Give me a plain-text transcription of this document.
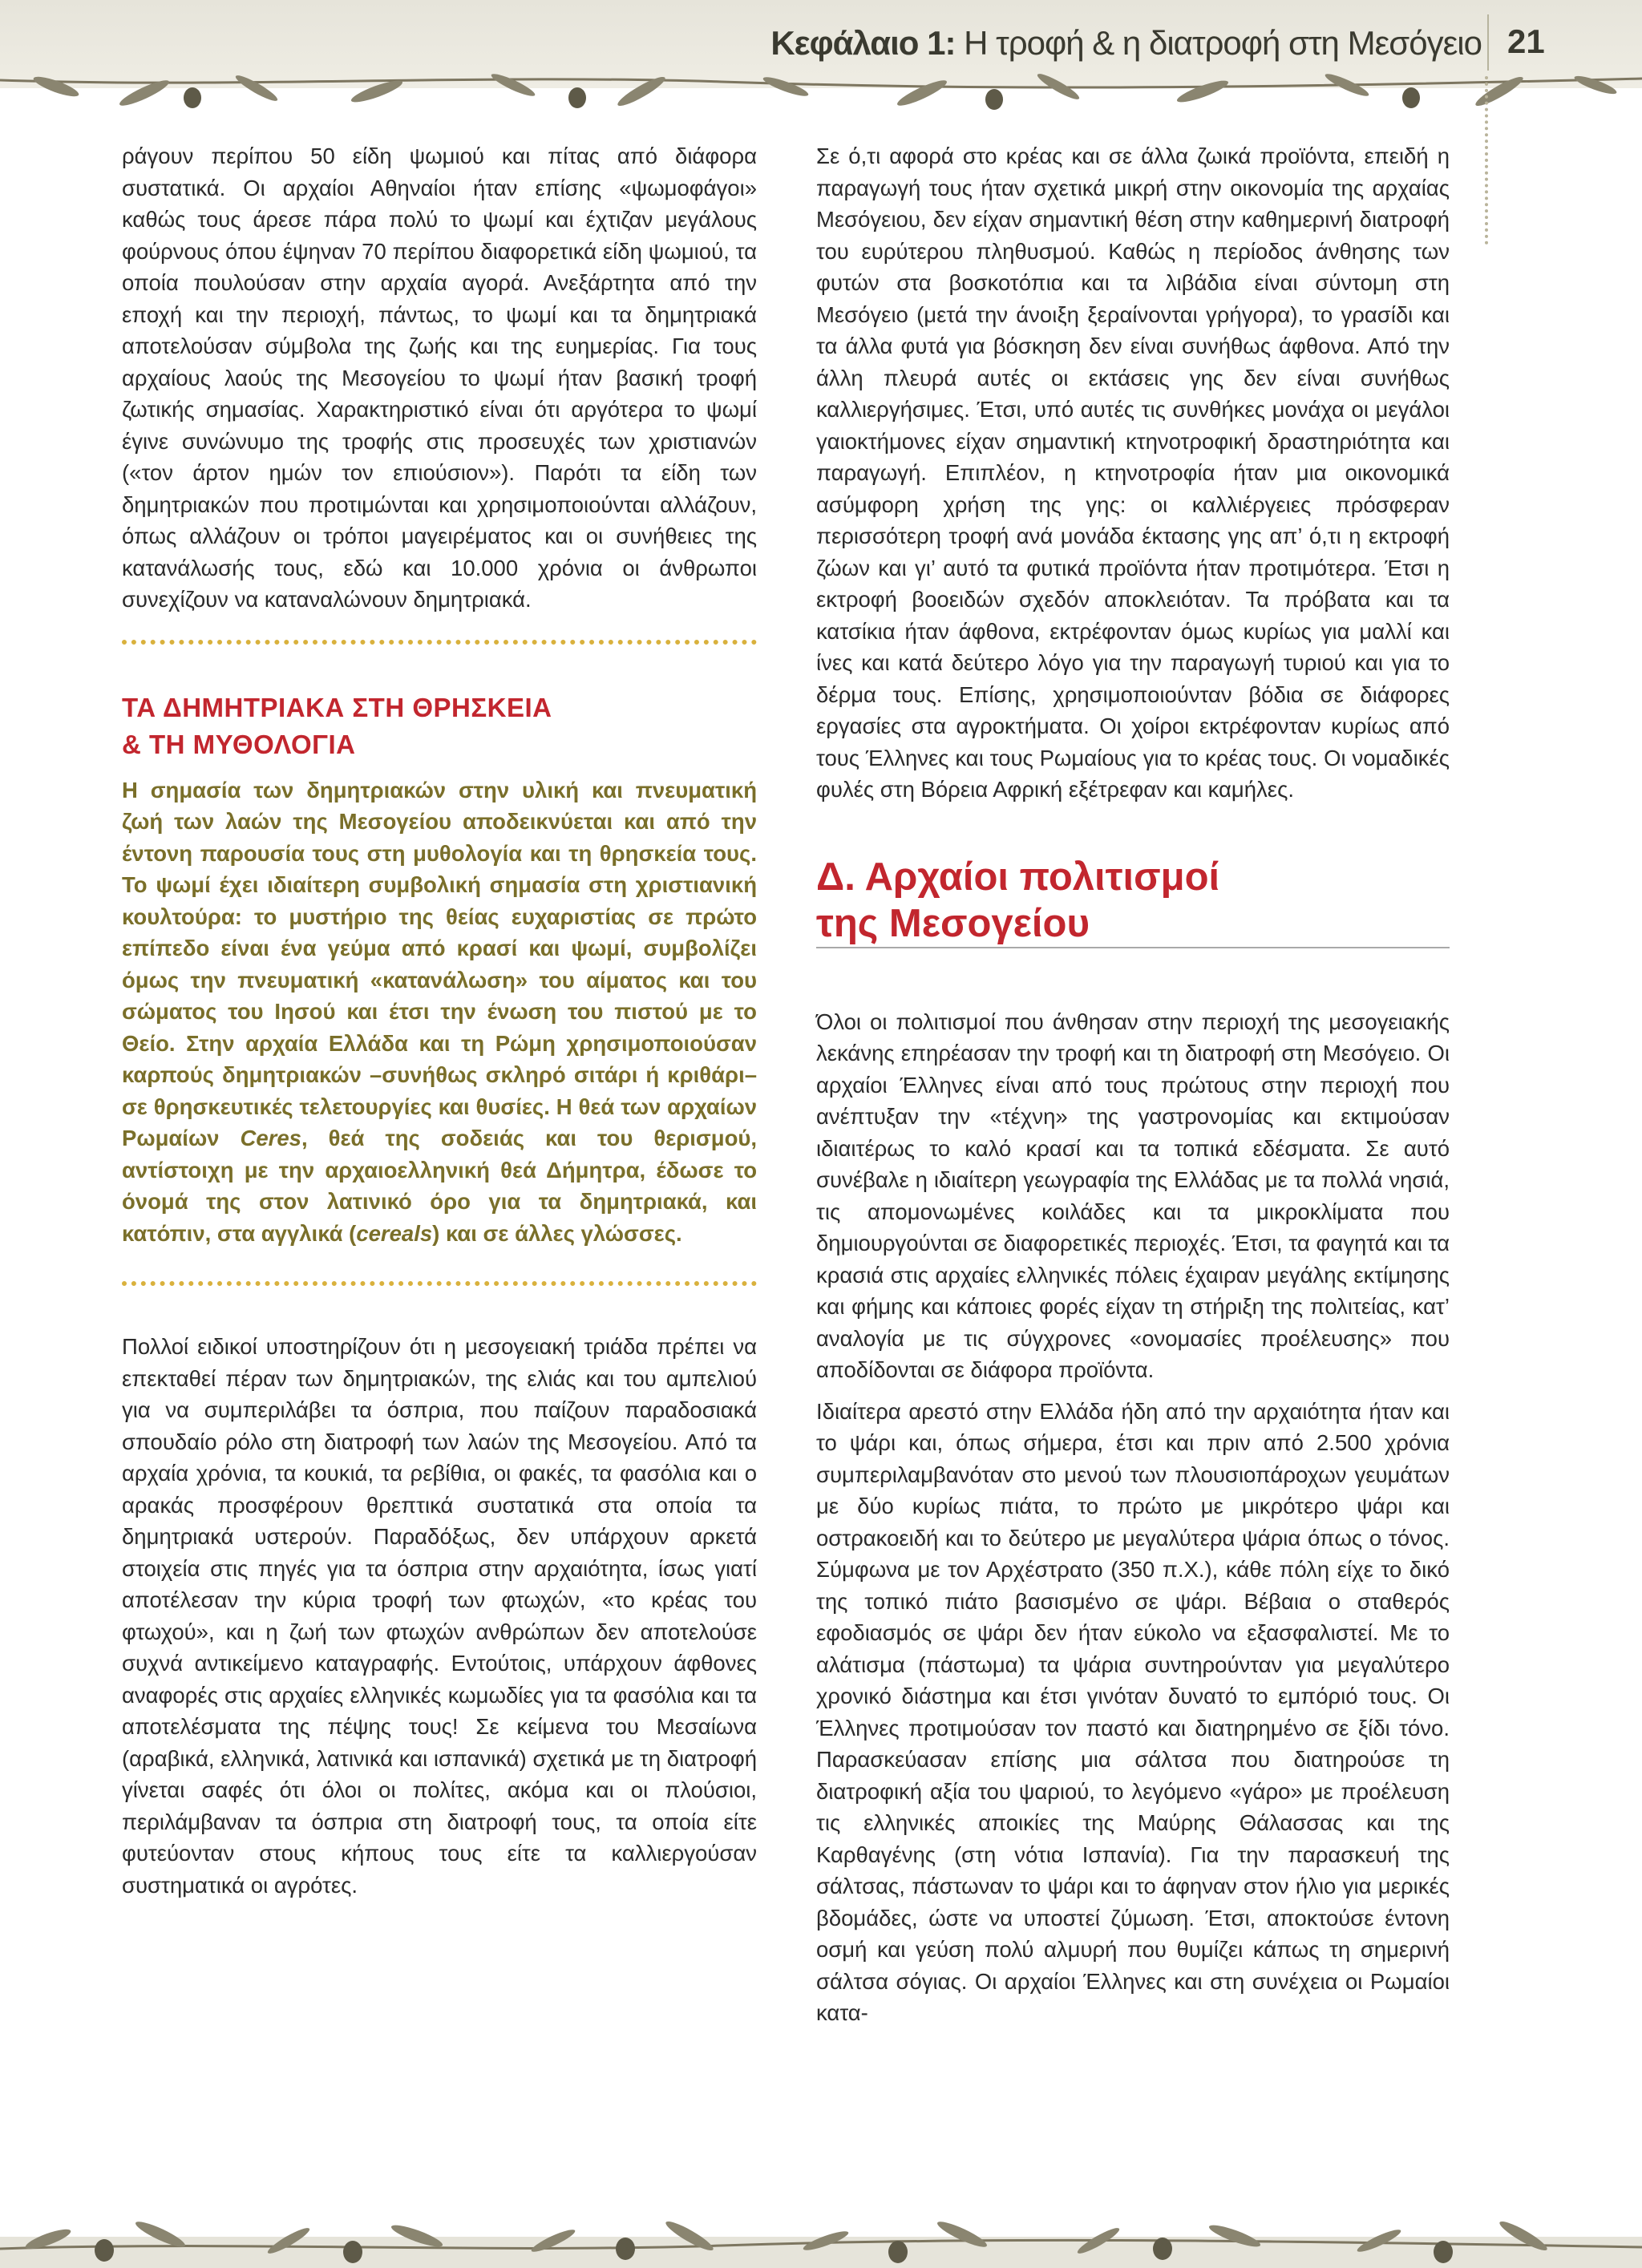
Κεφάλαιο 1: Η τροφή & η διατροφή στη Μεσόγειο 21

ράγουν περίπου 50 είδη ψωμιού και πίτας από διάφορα συστατικά. Οι αρχαίοι Αθηναίοι ήταν επίσης «ψωμοφάγοι» καθώς τους άρεσε πάρα πολύ το ψωμί και έχτιζαν μεγάλους φούρνους όπου έψηναν 70 περίπου διαφορετικά είδη ψωμιού, τα οποία πουλούσαν στην αρχαία αγορά. Ανεξάρτητα από την εποχή και την περιοχή, πάντως, το ψωμί και τα δημητριακά αποτελούσαν σύμβολα της ζωής και της ευημερίας. Για τους αρχαίους λαούς της Μεσογείου το ψωμί ήταν βασική τροφή ζωτικής σημασίας. Χαρακτηριστικό είναι ότι αργότερα το ψωμί έγινε συνώνυμο της τροφής στις προσευχές των χριστιανών («τον άρτον ημών τον επιούσιον»). Παρότι τα είδη των δημητριακών που προτιμώνται και χρησιμοποιούνται αλλάζουν, όπως αλλάζουν οι τρόποι μαγειρέματος και οι συνήθειες της κατανάλωσής τους, εδώ και 10.000 χρόνια οι άνθρωποι συνεχίζουν να καταναλώνουν δημητριακά.

ΤΑ ΔΗΜΗΤΡΙΑΚΑ ΣΤΗ ΘΡΗΣΚΕΙΑ
& ΤΗ ΜΥΘΟΛΟΓΙΑ

Η σημασία των δημητριακών στην υλική και πνευματική ζωή των λαών της Μεσογείου αποδεικνύεται και από την έντονη παρουσία τους στη μυθολογία και τη θρησκεία τους. Το ψωμί έχει ιδιαίτερη συμβολική σημασία στη χριστιανική κουλτούρα: το μυστήριο της θείας ευχαριστίας σε πρώτο επίπεδο είναι ένα γεύμα από κρασί και ψωμί, συμβολίζει όμως την πνευματική «κατανάλωση» του αίματος και του σώματος του Ιησού και έτσι την ένωση του πιστού με το Θείο. Στην αρχαία Ελλάδα και τη Ρώμη χρησιμοποιούσαν καρπούς δημητριακών –συνήθως σκληρό σιτάρι ή κριθάρι– σε θρησκευτικές τελετουργίες και θυσίες. Η θεά των αρχαίων Ρωμαίων Ceres, θεά της σοδειάς και του θερισμού, αντίστοιχη με την αρχαιοελληνική θεά Δήμητρα, έδωσε το όνομά της στον λατινικό όρο για τα δημητριακά, και κατόπιν, στα αγγλικά (cereals) και σε άλλες γλώσσες.

Πολλοί ειδικοί υποστηρίζουν ότι η μεσογειακή τριάδα πρέπει να επεκταθεί πέραν των δημητριακών, της ελιάς και του αμπελιού για να συμπεριλάβει τα όσπρια, που παίζουν παραδοσιακά σπουδαίο ρόλο στη διατροφή των λαών της Μεσογείου. Από τα αρχαία χρόνια, τα κουκιά, τα ρεβίθια, οι φακές, τα φασόλια και ο αρακάς προσφέρουν θρεπτικά συστατικά στα οποία τα δημητριακά υστερούν. Παραδόξως, δεν υπάρχουν αρκετά στοιχεία στις πηγές για τα όσπρια στην αρχαιότητα, ίσως γιατί αποτέλεσαν την κύρια τροφή των φτωχών, «το κρέας του φτωχού», και η ζωή των φτωχών ανθρώπων δεν αποτελούσε συχνά αντικείμενο καταγραφής. Εντούτοις, υπάρχουν άφθονες αναφορές στις αρχαίες ελληνικές κωμωδίες για τα φασόλια και τα αποτελέσματα της πέψης τους! Σε κείμενα του Μεσαίωνα (αραβικά, ελληνικά, λατινικά και ισπανικά) σχετικά με τη διατροφή γίνεται σαφές ότι όλοι οι πολίτες, ακόμα και οι πλούσιοι, περιλάμβαναν τα όσπρια στη διατροφή τους, τα οποία είτε φυτεύονταν στους κήπους τους είτε τα καλλιεργούσαν συστηματικά οι αγρότες.

Σε ό,τι αφορά στο κρέας και σε άλλα ζωικά προϊόντα, επειδή η παραγωγή τους ήταν σχετικά μικρή στην οικονομία της αρχαίας Μεσόγειου, δεν είχαν σημαντική θέση στην καθημερινή διατροφή του ευρύτερου πληθυσμού. Καθώς η περίοδος άνθησης των φυτών στα βοσκοτόπια και τα λιβάδια είναι σύντομη στη Μεσόγειο (μετά την άνοιξη ξεραίνονται γρήγορα), το γρασίδι και τα άλλα φυτά για βόσκηση δεν είναι συνήθως άφθονα. Από την άλλη πλευρά αυτές οι εκτάσεις γης δεν είναι συνήθως καλλιεργήσιμες. Έτσι, υπό αυτές τις συνθήκες μονάχα οι μεγάλοι γαιοκτήμονες είχαν σημαντική κτηνοτροφική δραστηριότητα και παραγωγή. Επιπλέον, η κτηνοτροφία ήταν μια οικονομικά ασύμφορη χρήση της γης: οι καλλιέργειες πρόσφεραν περισσότερη τροφή ανά μονάδα έκτασης γης απ’ ό,τι η εκτροφή ζώων και γι’ αυτό τα φυτικά προϊόντα ήταν προτιμότερα. Έτσι η εκτροφή βοοειδών σχεδόν αποκλειόταν. Τα πρόβατα και τα κατσίκια ήταν άφθονα, εκτρέφονταν όμως κυρίως για μαλλί και ίνες και κατά δεύτερο λόγο για την παραγωγή τυριού και για το δέρμα τους. Επίσης, χρησιμοποιούνταν βόδια σε διάφορες εργασίες στα αγροκτήματα. Οι χοίροι εκτρέφονταν κυρίως από τους Έλληνες και τους Ρωμαίους για το κρέας τους. Οι νομαδικές φυλές στη Βόρεια Αφρική εξέτρεφαν και καμήλες.

Δ. Αρχαίοι πολιτισμοί
της Μεσογείου

Όλοι οι πολιτισμοί που άνθησαν στην περιοχή της μεσογειακής λεκάνης επηρέασαν την τροφή και τη διατροφή στη Μεσόγειο. Οι αρχαίοι Έλληνες είναι από τους πρώτους στην περιοχή που ανέπτυξαν την «τέχνη» της γαστρονομίας και εκτιμούσαν ιδιαιτέρως το καλό κρασί και τα τοπικά εδέσματα. Σε αυτό συνέβαλε η ιδιαίτερη γεωγραφία της Ελλάδας με τα πολλά νησιά, τις απομονωμένες κοιλάδες και τα μικροκλίματα που δημιουργούνται σε διαφορετικές περιοχές. Έτσι, τα φαγητά και τα κρασιά στις αρχαίες ελληνικές πόλεις έχαιραν μεγάλης εκτίμησης και φήμης και κάποιες φορές είχαν τη στήριξη της πολιτείας, κατ’ αναλογία με τις σύγχρονες «ονομασίες προέλευσης» που αποδίδονται σε διάφορα προϊόντα.

Ιδιαίτερα αρεστό στην Ελλάδα ήδη από την αρχαιότητα ήταν και το ψάρι και, όπως σήμερα, έτσι και πριν από 2.500 χρόνια συμπεριλαμβανόταν στο μενού των πλουσιοπάροχων γευμάτων με δύο κυρίως πιάτα, το πρώτο με μικρότερο ψάρι και οστρακοειδή και το δεύτερο με μεγαλύτερα ψάρια όπως ο τόνος. Σύμφωνα με τον Αρχέστρατο (350 π.Χ.), κάθε πόλη είχε το δικό της τοπικό πιάτο βασισμένο σε ψάρι. Βέβαια ο σταθερός εφοδιασμός σε ψάρι δεν ήταν εύκολο να εξασφαλιστεί. Με το αλάτισμα (πάστωμα) τα ψάρια συντηρούνταν για μεγαλύτερο χρονικό διάστημα και έτσι γινόταν δυνατό το εμπόριό τους. Οι Έλληνες προτιμούσαν τον παστό και διατηρημένο σε ξίδι τόνο. Παρασκεύασαν επίσης μια σάλτσα που διατηρούσε τη διατροφική αξία του ψαριού, το λεγόμενο «γάρο» με προέλευση τις ελληνικές αποικίες της Μαύρης Θάλασσας και της Καρθαγένης (στη νότια Ισπανία). Για την παρασκευή της σάλτσας, πάστωναν το ψάρι και το άφηναν στον ήλιο για μερικές βδομάδες, ώστε να υποστεί ζύμωση. Έτσι, αποκτούσε έντονη οσμή και γεύση πολύ αλμυρή που θυμίζει κάπως τη σημερινή σάλτσα σόγιας. Οι αρχαίοι Έλληνες και στη συνέχεια οι Ρωμαίοι κατα-
